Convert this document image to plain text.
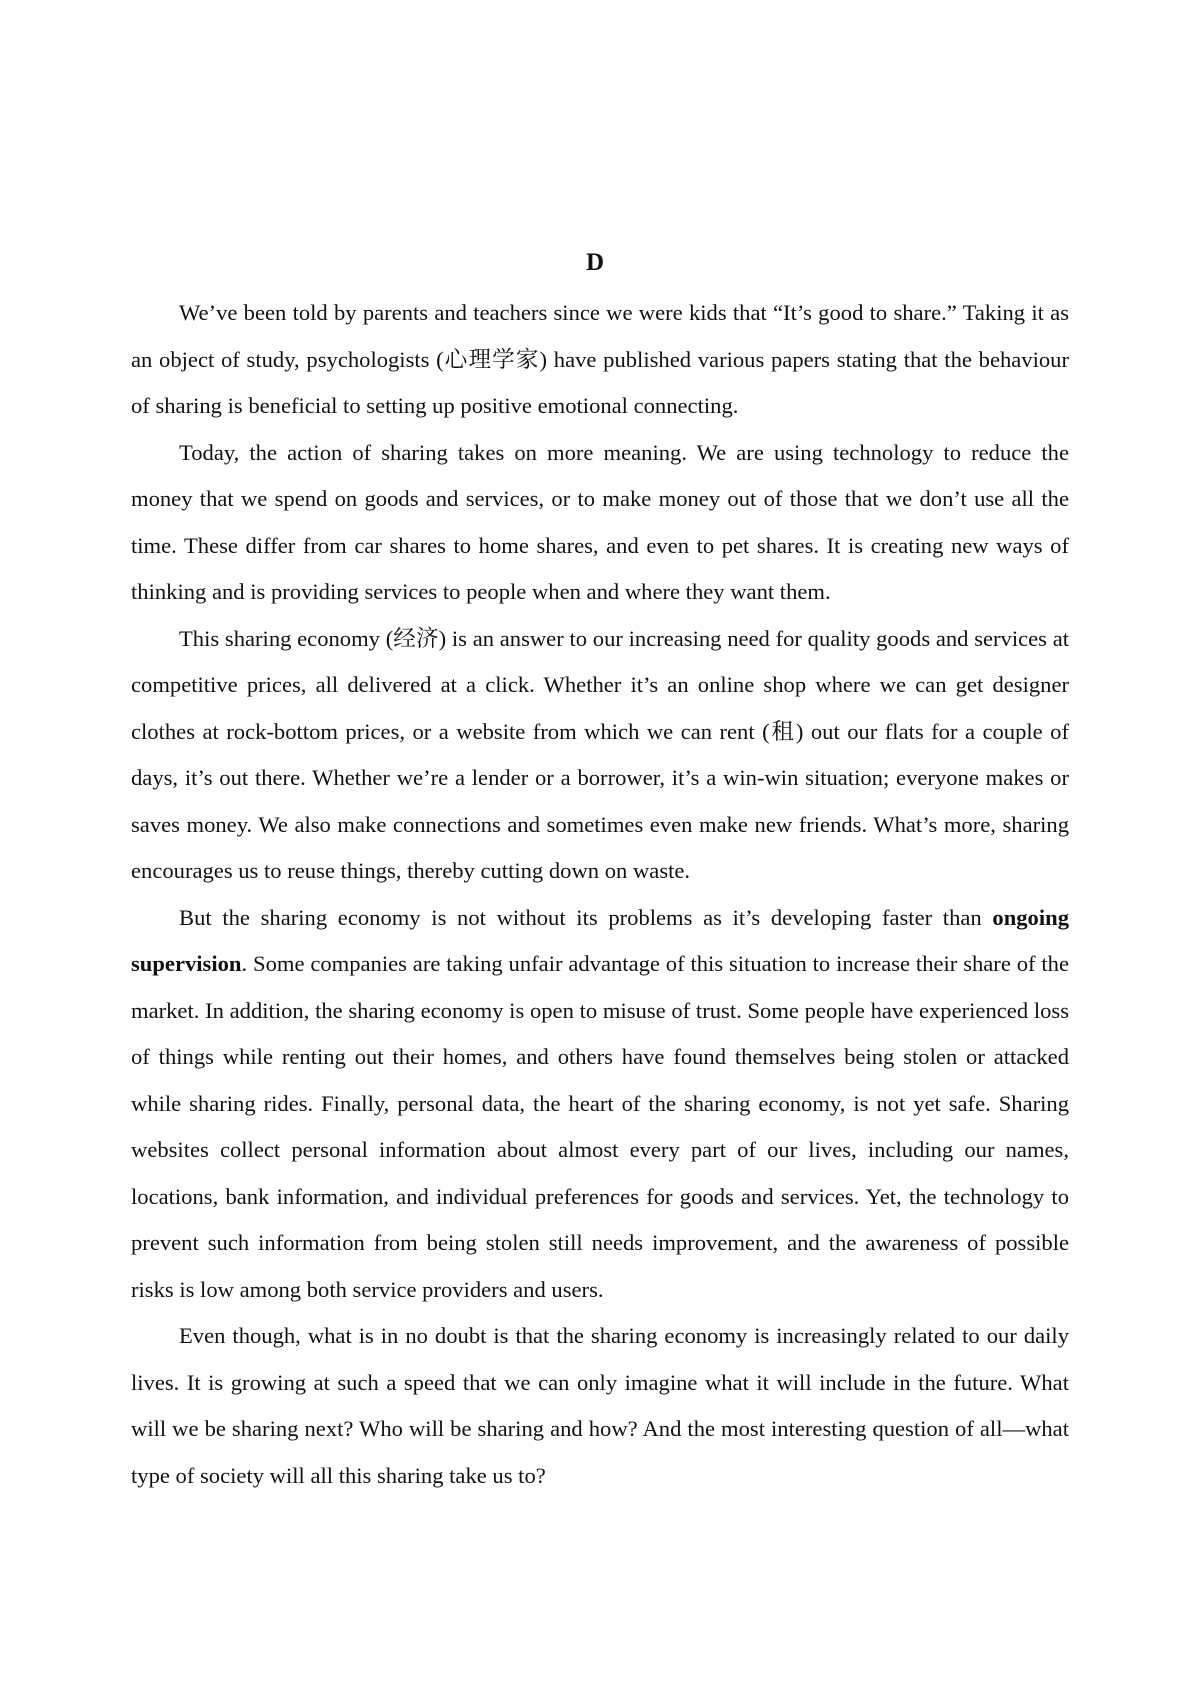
D

We’ve been told by parents and teachers since we were kids that “It’s good to share.” Taking it as an object of study, psychologists (心理学家) have published various papers stating that the behaviour of sharing is beneficial to setting up positive emotional connecting.

Today, the action of sharing takes on more meaning. We are using technology to reduce the money that we spend on goods and services, or to make money out of those that we don’t use all the time. These differ from car shares to home shares, and even to pet shares. It is creating new ways of thinking and is providing services to people when and where they want them.

This sharing economy (经济) is an answer to our increasing need for quality goods and services at competitive prices, all delivered at a click. Whether it’s an online shop where we can get designer clothes at rock-bottom prices, or a website from which we can rent (租) out our flats for a couple of days, it’s out there. Whether we’re a lender or a borrower, it’s a win-win situation; everyone makes or saves money. We also make connections and sometimes even make new friends. What’s more, sharing encourages us to reuse things, thereby cutting down on waste.

But the sharing economy is not without its problems as it’s developing faster than ongoing supervision. Some companies are taking unfair advantage of this situation to increase their share of the market. In addition, the sharing economy is open to misuse of trust. Some people have experienced loss of things while renting out their homes, and others have found themselves being stolen or attacked while sharing rides. Finally, personal data, the heart of the sharing economy, is not yet safe. Sharing websites collect personal information about almost every part of our lives, including our names, locations, bank information, and individual preferences for goods and services. Yet, the technology to prevent such information from being stolen still needs improvement, and the awareness of possible risks is low among both service providers and users.

Even though, what is in no doubt is that the sharing economy is increasingly related to our daily lives. It is growing at such a speed that we can only imagine what it will include in the future. What will we be sharing next? Who will be sharing and how? And the most interesting question of all—what type of society will all this sharing take us to?
